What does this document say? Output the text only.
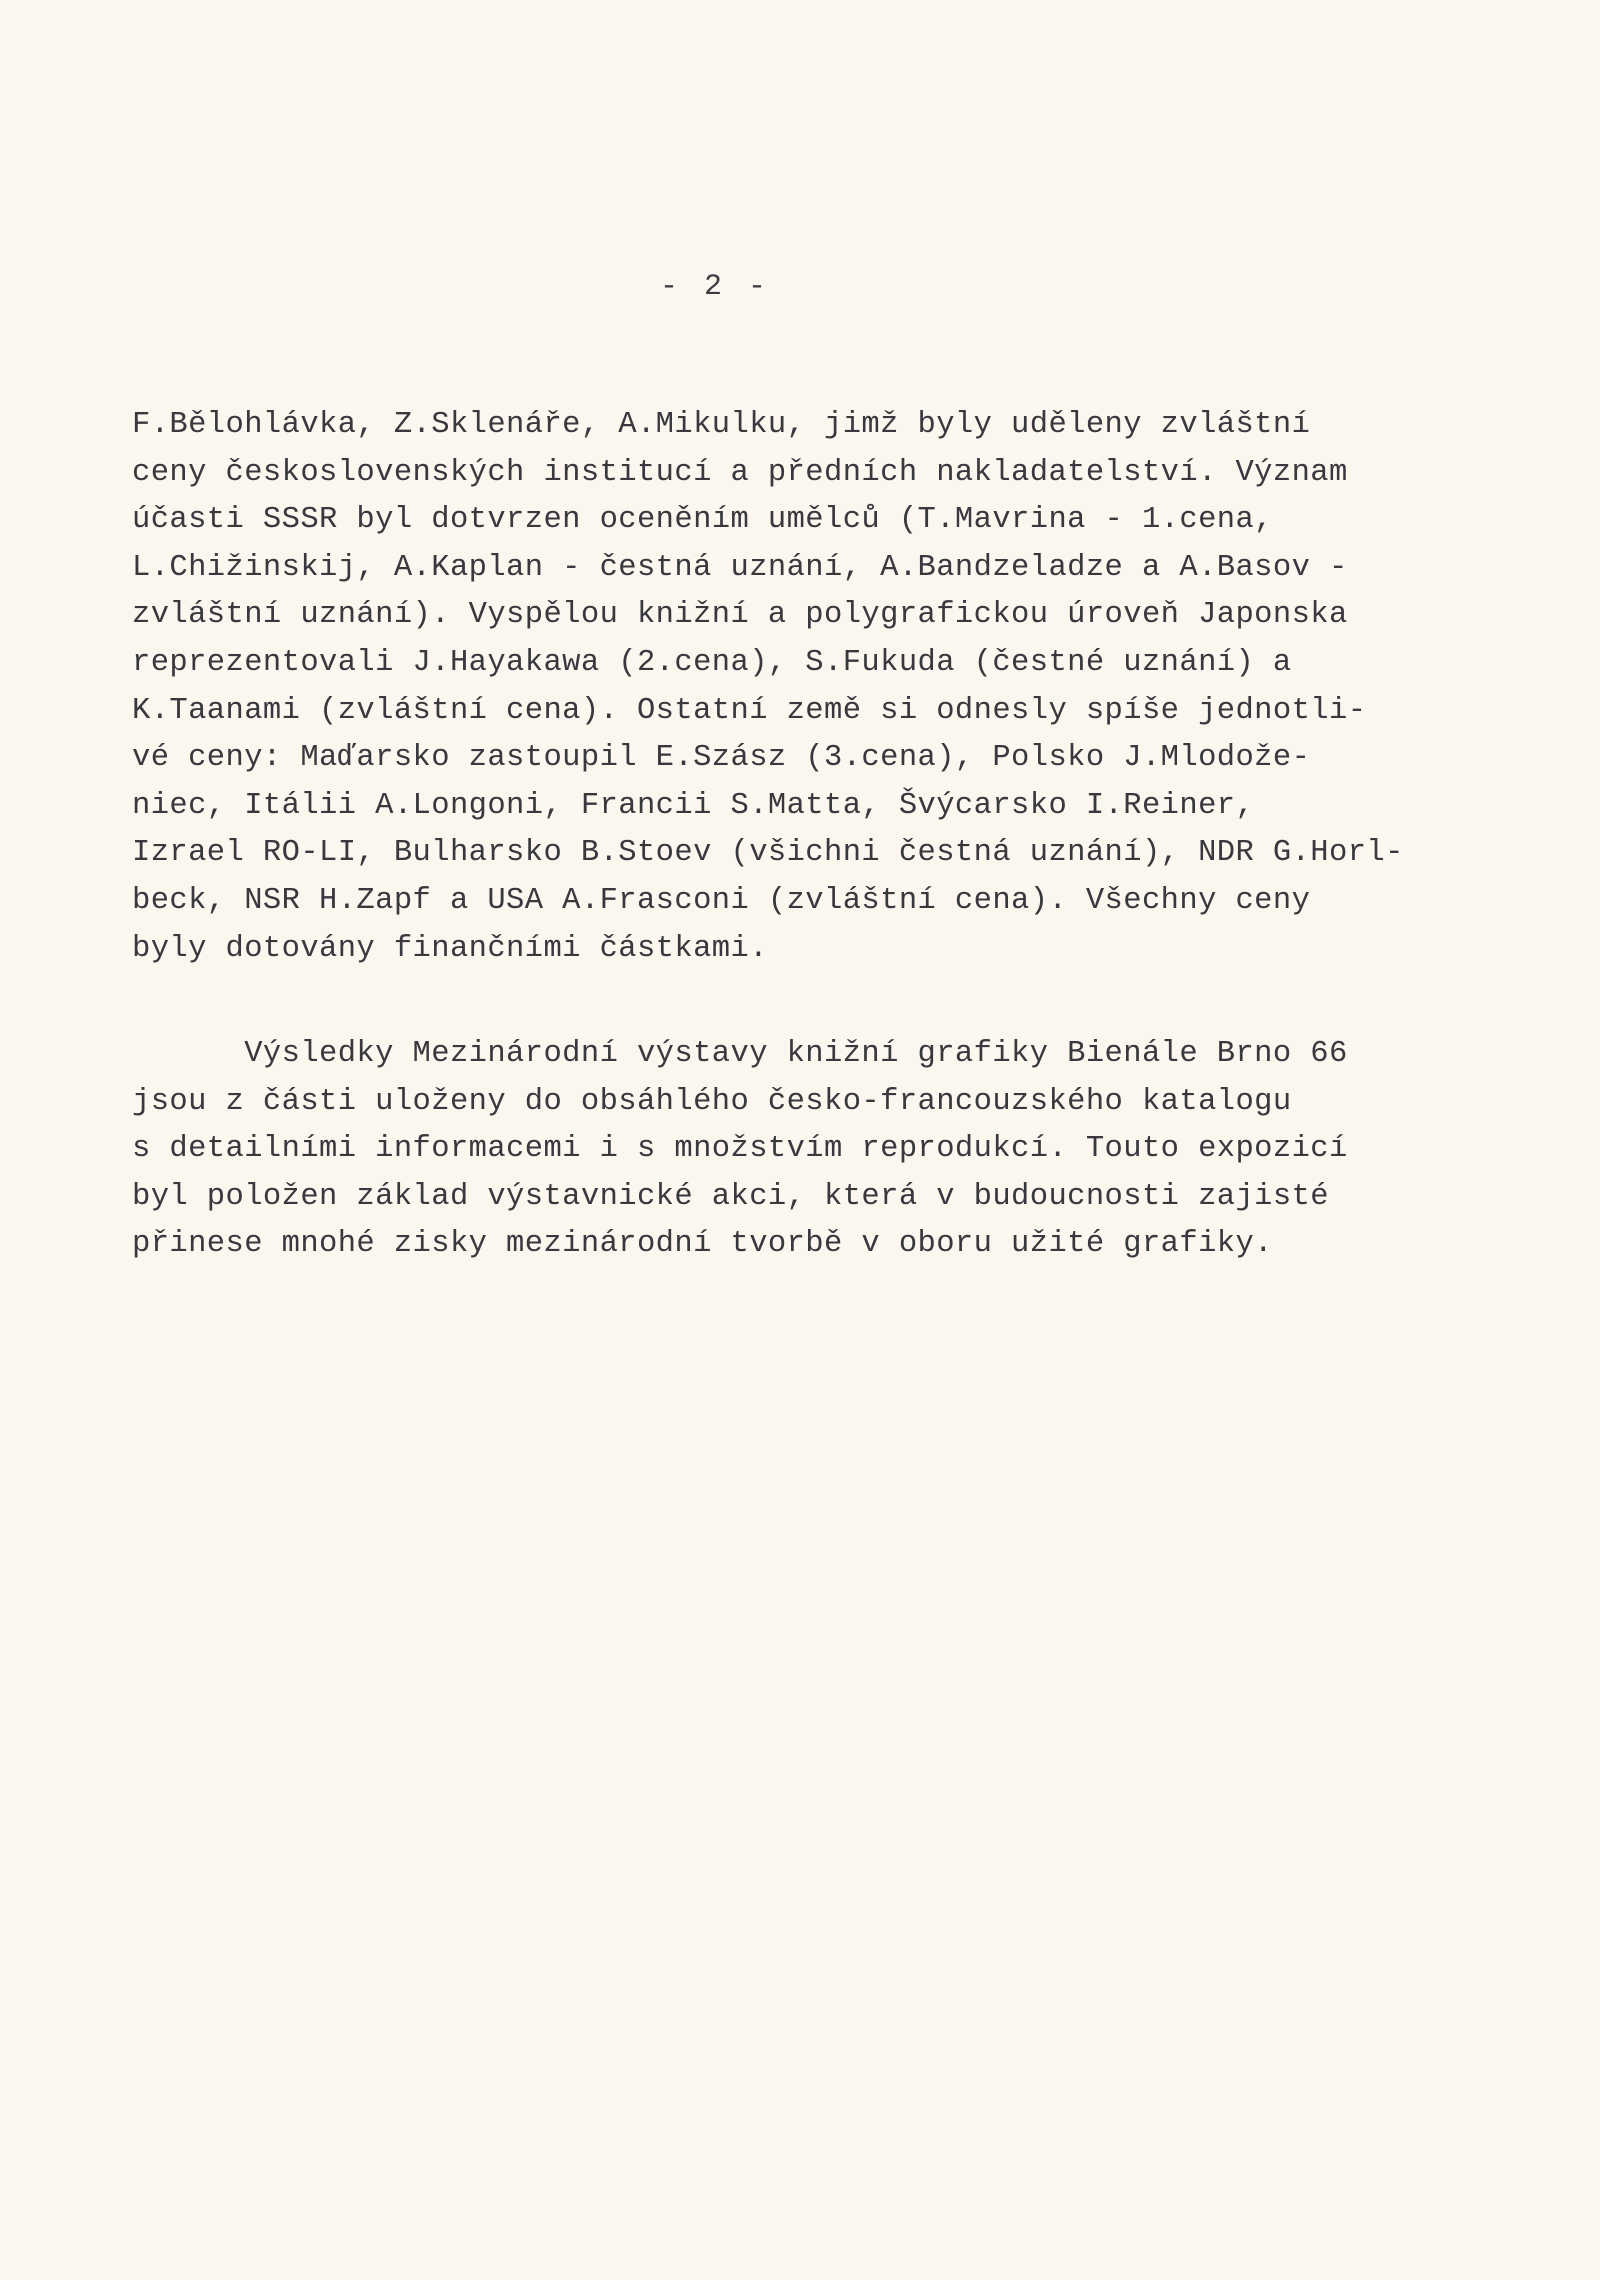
- 2 -
F.Bělohlávka, Z.Sklenáře, A.Mikulku, jimž byly uděleny zvláštní
ceny československých institucí a předních nakladatelství. Význam
účasti SSSR byl dotvrzen oceněním umělců (T.Mavrina - 1.cena,
L.Chižinskij, A.Kaplan - čestná uznání, A.Bandzeladze a A.Basov -
zvláštní uznání). Vyspělou knižní a polygrafickou úroveň Japonska
reprezentovali J.Hayakawa (2.cena), S.Fukuda (čestné uznání) a
K.Taanami (zvláštní cena). Ostatní země si odnesly spíše jednotli-
vé ceny: Maďarsko zastoupil E.Szász (3.cena), Polsko J.Mlodože-
niec, Itálii A.Longoni, Francii S.Matta, Švýcarsko I.Reiner,
Izrael RO-LI, Bulharsko B.Stoev (všichni čestná uznání), NDR G.Horl-
beck, NSR H.Zapf a USA A.Frasconi (zvláštní cena). Všechny ceny
byly dotovány finančními částkami.
Výsledky Mezinárodní výstavy knižní grafiky Bienále Brno 66
jsou z části uloženy do obsáhlého česko-francouzského katalogu
s detailními informacemi i s množstvím reprodukcí. Touto expozicí
byl položen základ výstavnické akci, která v budoucnosti zajisté
přinese mnohé zisky mezinárodní tvorbě v oboru užité grafiky.
